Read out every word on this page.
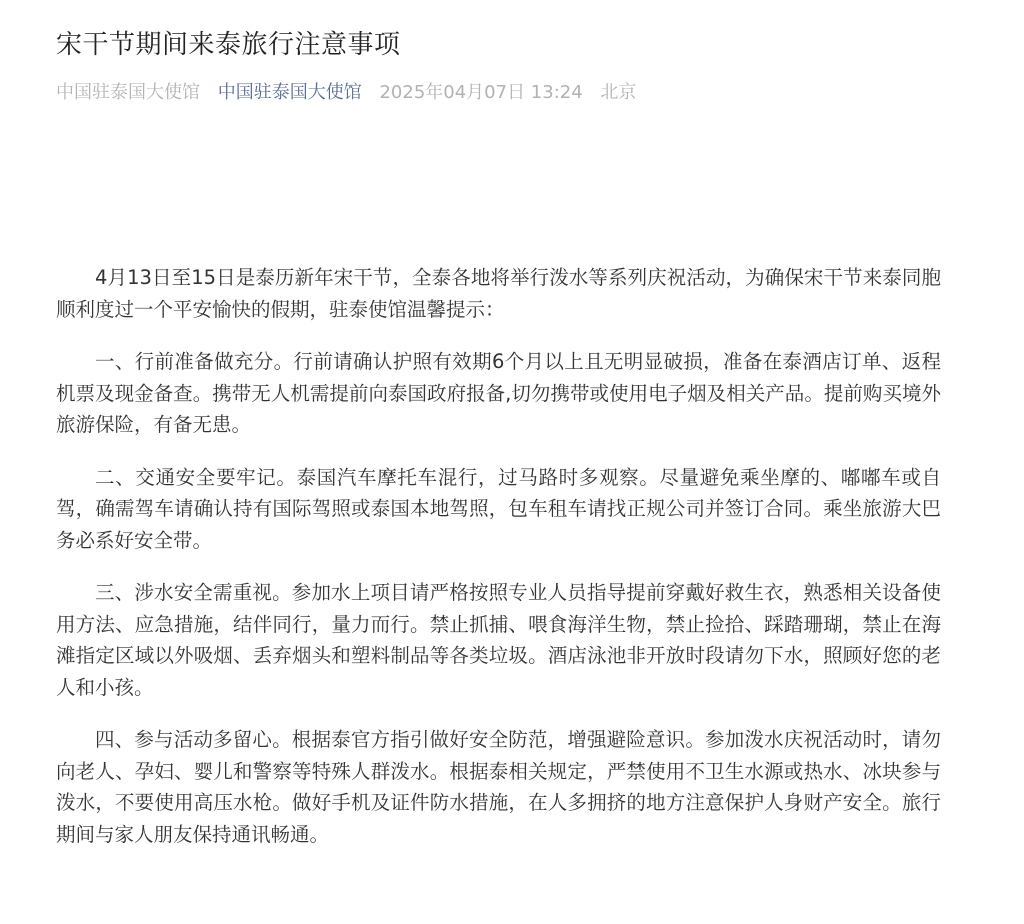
宋干节期间来泰旅行注意事项
中国驻泰国大使馆 中国驻泰国大使馆 2025年04月07日 13:24 北京

4月13日至15日是泰历新年宋干节，全泰各地将举行泼水等系列庆祝活动，为确保宋干节来泰同胞顺利度过一个平安愉快的假期，驻泰使馆温馨提示：

一、行前准备做充分。行前请确认护照有效期6个月以上且无明显破损，准备在泰酒店订单、返程机票及现金备查。携带无人机需提前向泰国政府报备,切勿携带或使用电子烟及相关产品。提前购买境外旅游保险，有备无患。

二、交通安全要牢记。泰国汽车摩托车混行，过马路时多观察。尽量避免乘坐摩的、嘟嘟车或自驾，确需驾车请确认持有国际驾照或泰国本地驾照，包车租车请找正规公司并签订合同。乘坐旅游大巴务必系好安全带。

三、涉水安全需重视。参加水上项目请严格按照专业人员指导提前穿戴好救生衣，熟悉相关设备使用方法、应急措施，结伴同行，量力而行。禁止抓捕、喂食海洋生物，禁止捡拾、踩踏珊瑚，禁止在海滩指定区域以外吸烟、丢弃烟头和塑料制品等各类垃圾。酒店泳池非开放时段请勿下水，照顾好您的老人和小孩。

四、参与活动多留心。根据泰官方指引做好安全防范，增强避险意识。参加泼水庆祝活动时，请勿向老人、孕妇、婴儿和警察等特殊人群泼水。根据泰相关规定，严禁使用不卫生水源或热水、冰块参与泼水，不要使用高压水枪。做好手机及证件防水措施，在人多拥挤的地方注意保护人身财产安全。旅行期间与家人朋友保持通讯畅通。
